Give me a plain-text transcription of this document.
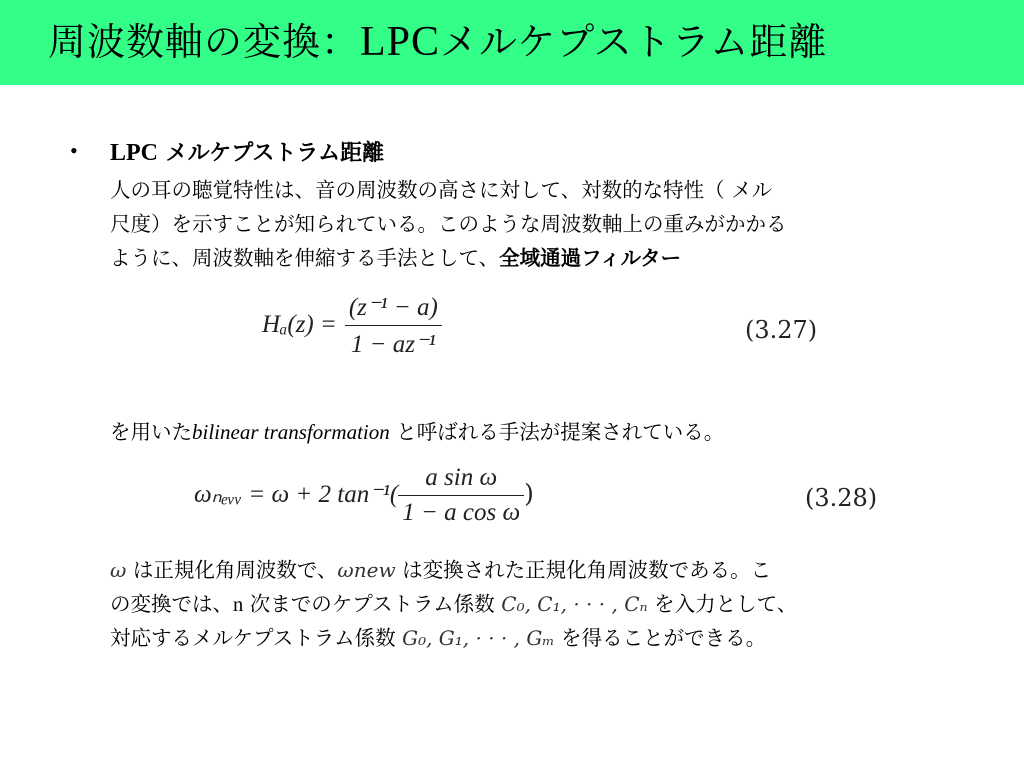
周波数軸の変換：LPCメルケプストラム距離
• LPC メルケプストラム距離
人の耳の聴覚特性は、音の周波数の高さに対して、対数的な特性（ メル
尺度）を示すことが知られている。このような周波数軸上の重みがかかる
ように、周波数軸を伸縮する手法として、全域通過フィルター
$H_a(z) = \frac{\text{(z⁻¹ − a)}}{\text{1 − az⁻¹}}$	(3.27)
を用いたbilinear transformation と呼ばれる手法が提案されている。
ωₙₑᵥᵥ = ω + 2 $\tan^{-1}( \frac{\text{a sin ω}}{\text{1 − a cos ω}}$ )	(3.28)
ω は正規化角周波数で、ωnew は変換された正規化角周波数である。こ
の変換では、n 次までのケプストラム係数 C₀, C₁, · · · , Cₙ を入力として、
対応するメルケプストラム係数 G₀, G₁, · · · , Gₘ を得ることができる。
